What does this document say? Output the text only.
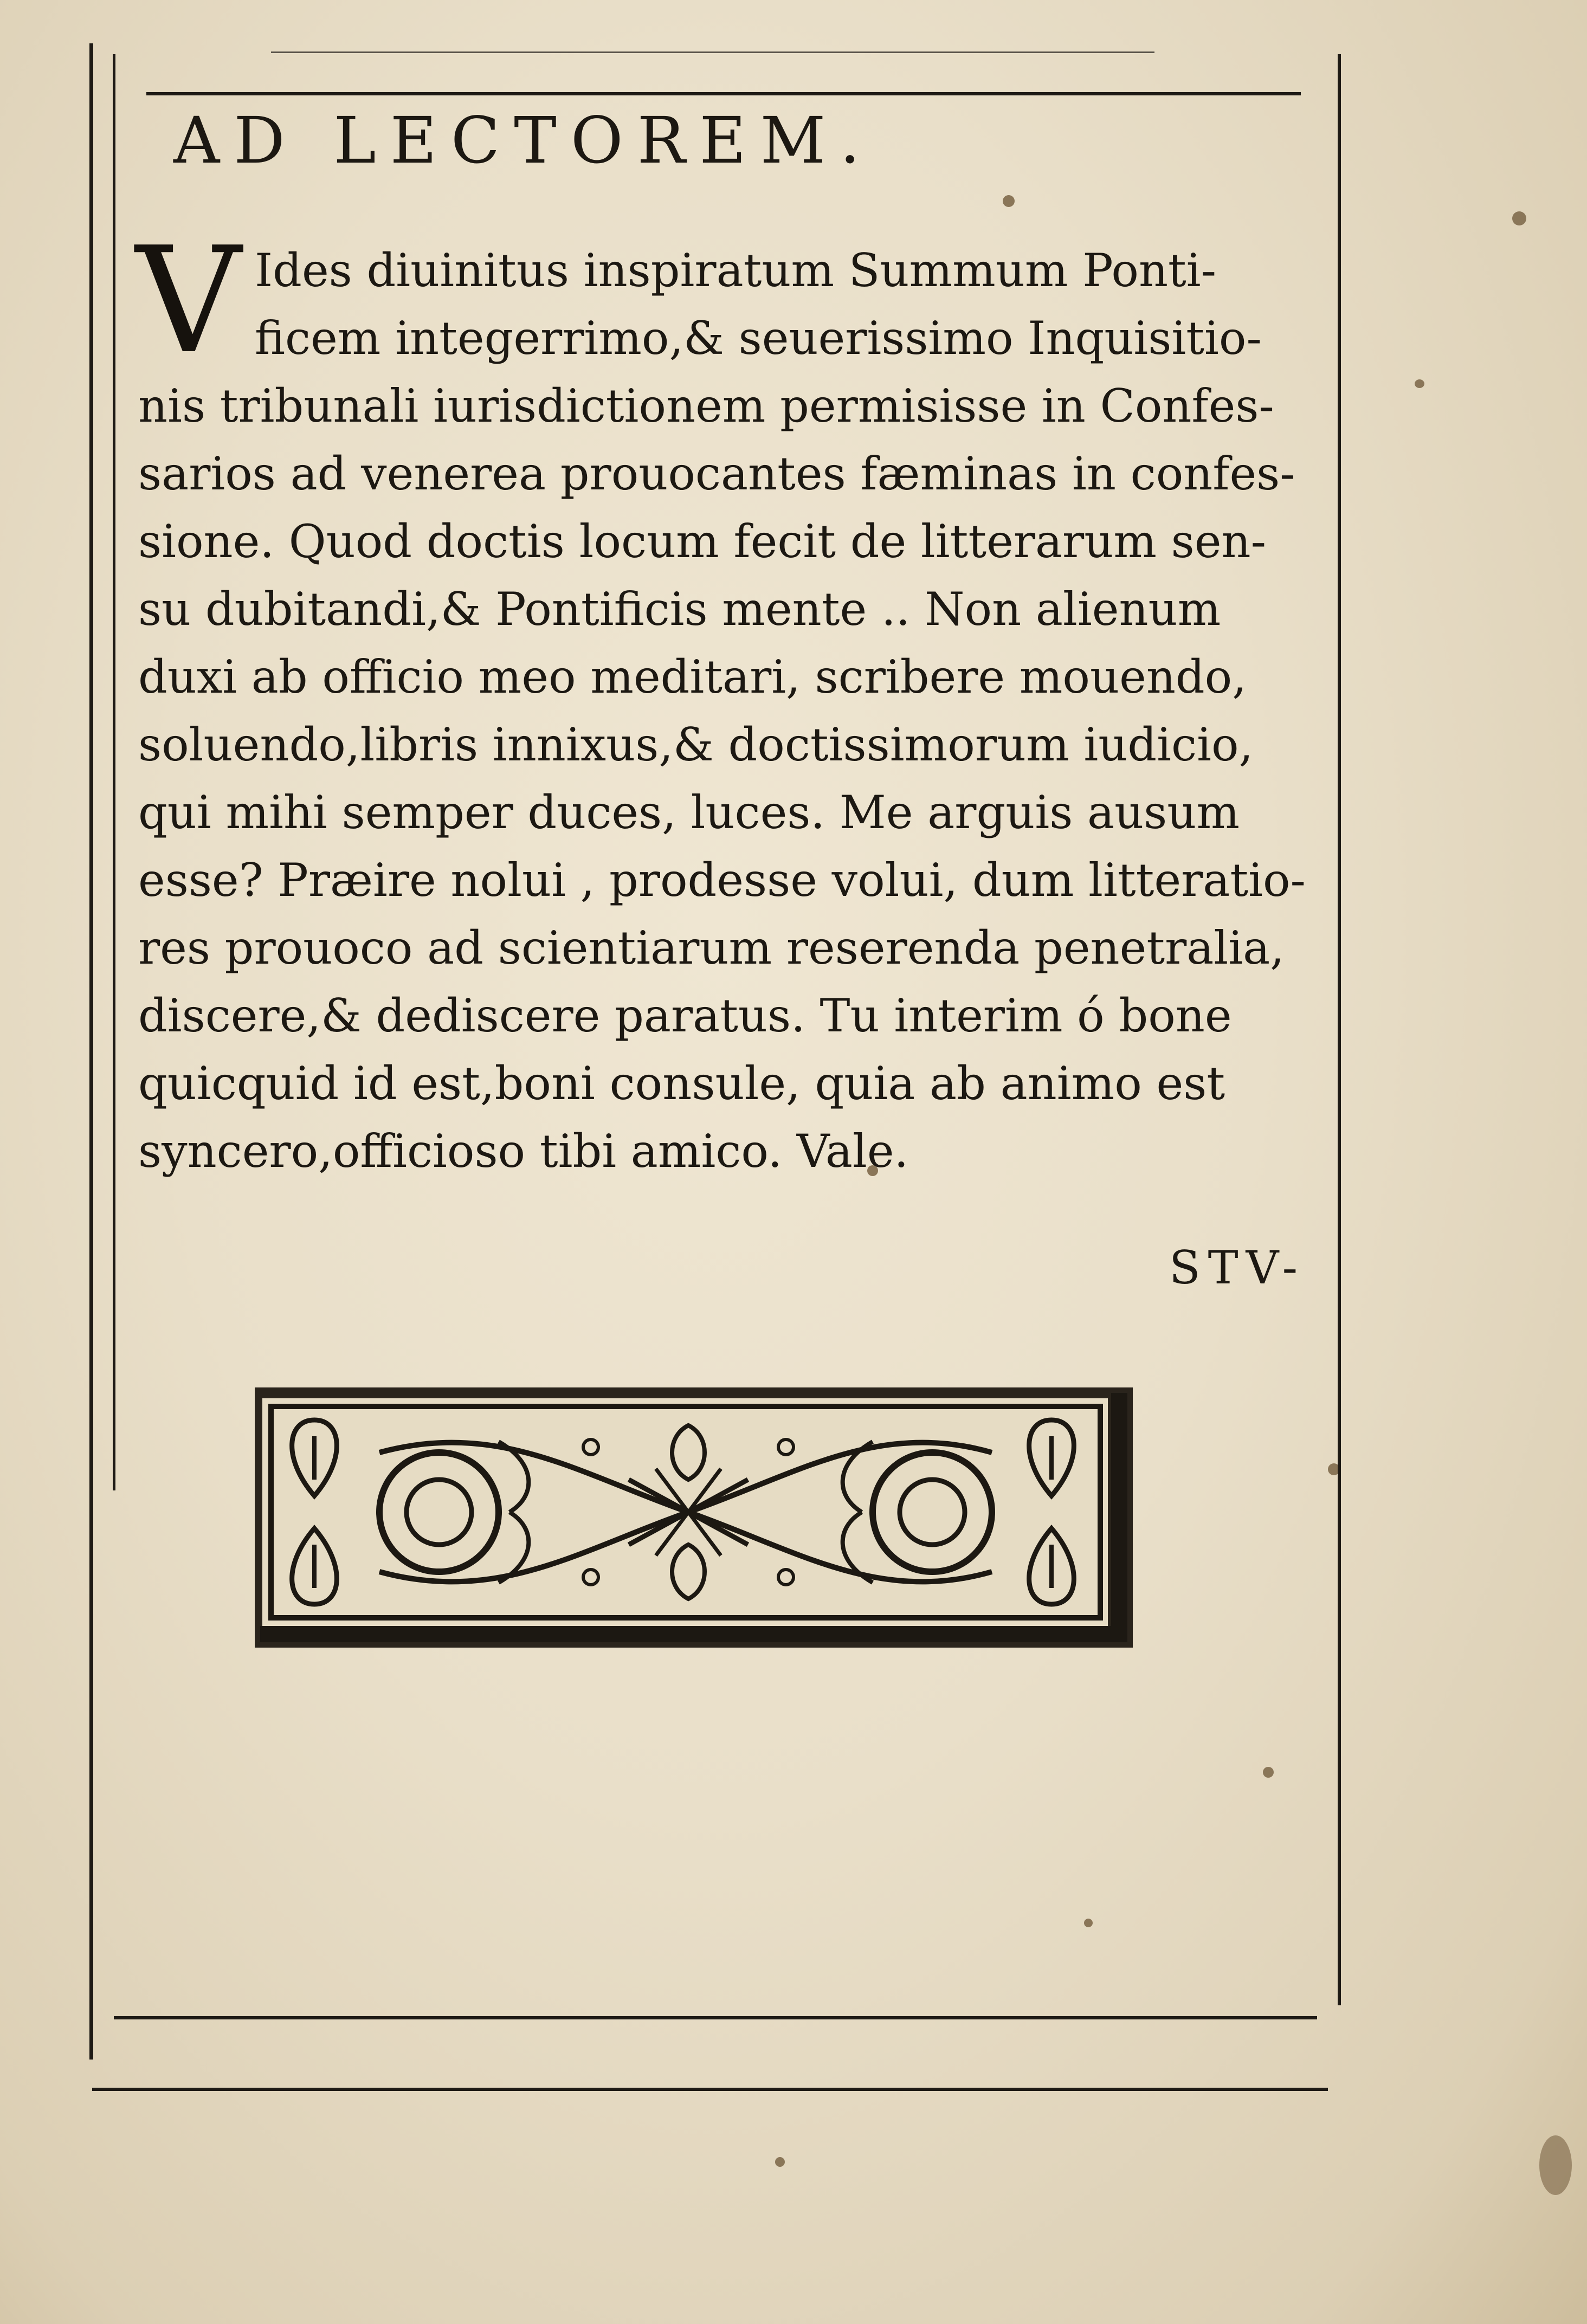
AD LECTOREM.
V Ides diuinitus inspiratum Summum Ponti-
ficem integerrimo,& seuerissimo Inquisitio-
nis tribunali iurisdictionem permisisse in Confes-
sarios ad venerea prouocantes fæminas in confes-
sione. Quod doctis locum fecit de litterarum sen-
su dubitandi,& Pontificis mente .. Non alienum
duxi ab officio meo meditari, scribere mouendo,
soluendo,libris innixus,& doctissimorum iudicio,
qui mihi semper duces, luces. Me arguis ausum
esse? Præire nolui , prodesse volui, dum litteratio-
res prouoco ad scientiarum reserenda penetralia,
discere,& dediscere paratus. Tu interim ó bone
quicquid id est,boni consule, quia ab animo est
syncero,officioso tibi amico. Vale.
STV-
